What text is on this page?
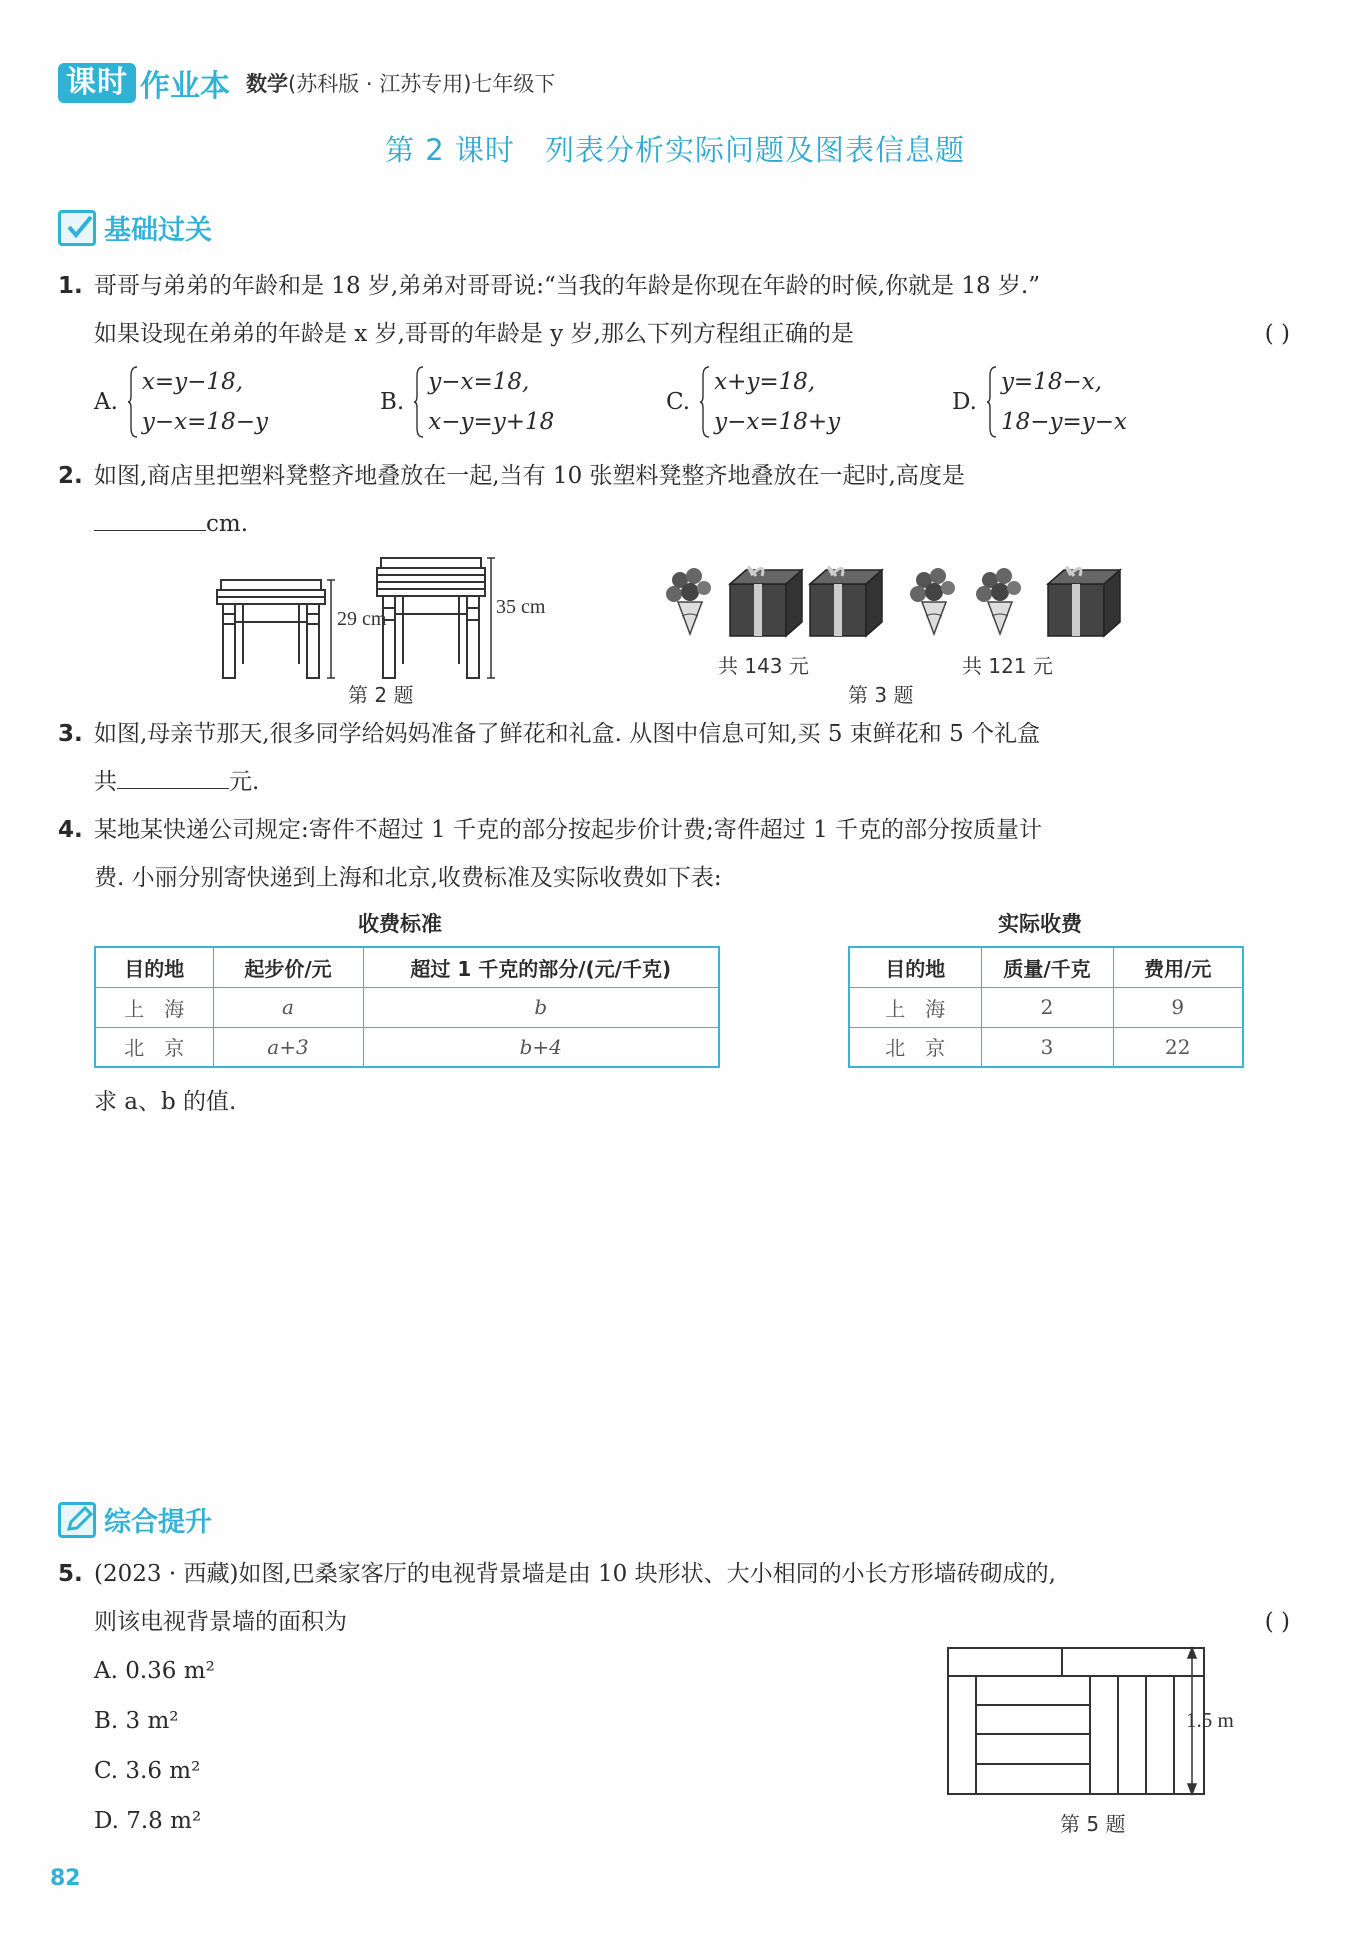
课时 作业本 数学(苏科版 · 江苏专用)七年级下
第 2 课时 列表分析实际问题及图表信息题
基础过关
1. 哥哥与弟弟的年龄和是 18 岁,弟弟对哥哥说:“当我的年龄是你现在年龄的时候,你就是 18 岁.”
如果设现在弟弟的年龄是 x 岁,哥哥的年龄是 y 岁,那么下列方程组正确的是	( )
A.
x=y−18,
y−x=18−y
B.
y−x=18,
x−y=y+18
C.
x+y=18,
y−x=18+y
D.
y=18−x,
18−y=y−x
2. 如图,商店里把塑料凳整齐地叠放在一起,当有 10 张塑料凳整齐地叠放在一起时,高度是
cm.
29 cm
35 cm
第 2 题
共 143 元	共 121 元
第 3 题
3. 如图,母亲节那天,很多同学给妈妈准备了鲜花和礼盒. 从图中信息可知,买 5 束鲜花和 5 个礼盒
共	元.
4. 某地某快递公司规定:寄件不超过 1 千克的部分按起步价计费;寄件超过 1 千克的部分按质量计
费. 小丽分别寄快递到上海和北京,收费标准及实际收费如下表:
收费标准
目的地	起步价/元	超过 1 千克的部分/(元/千克)
上　海	a	b
北　京	a+3	b+4
实际收费
目的地	质量/千克	费用/元
上　海	2	9
北　京	3	22
求 a、b 的值.
综合提升
5. (2023 · 西藏)如图,巴桑家客厅的电视背景墙是由 10 块形状、大小相同的小长方形墙砖砌成的,
则该电视背景墙的面积为	( )
A. 0.36 m²
B. 3 m²
C. 3.6 m²
D. 7.8 m²
1.5 m
第 5 题
82
